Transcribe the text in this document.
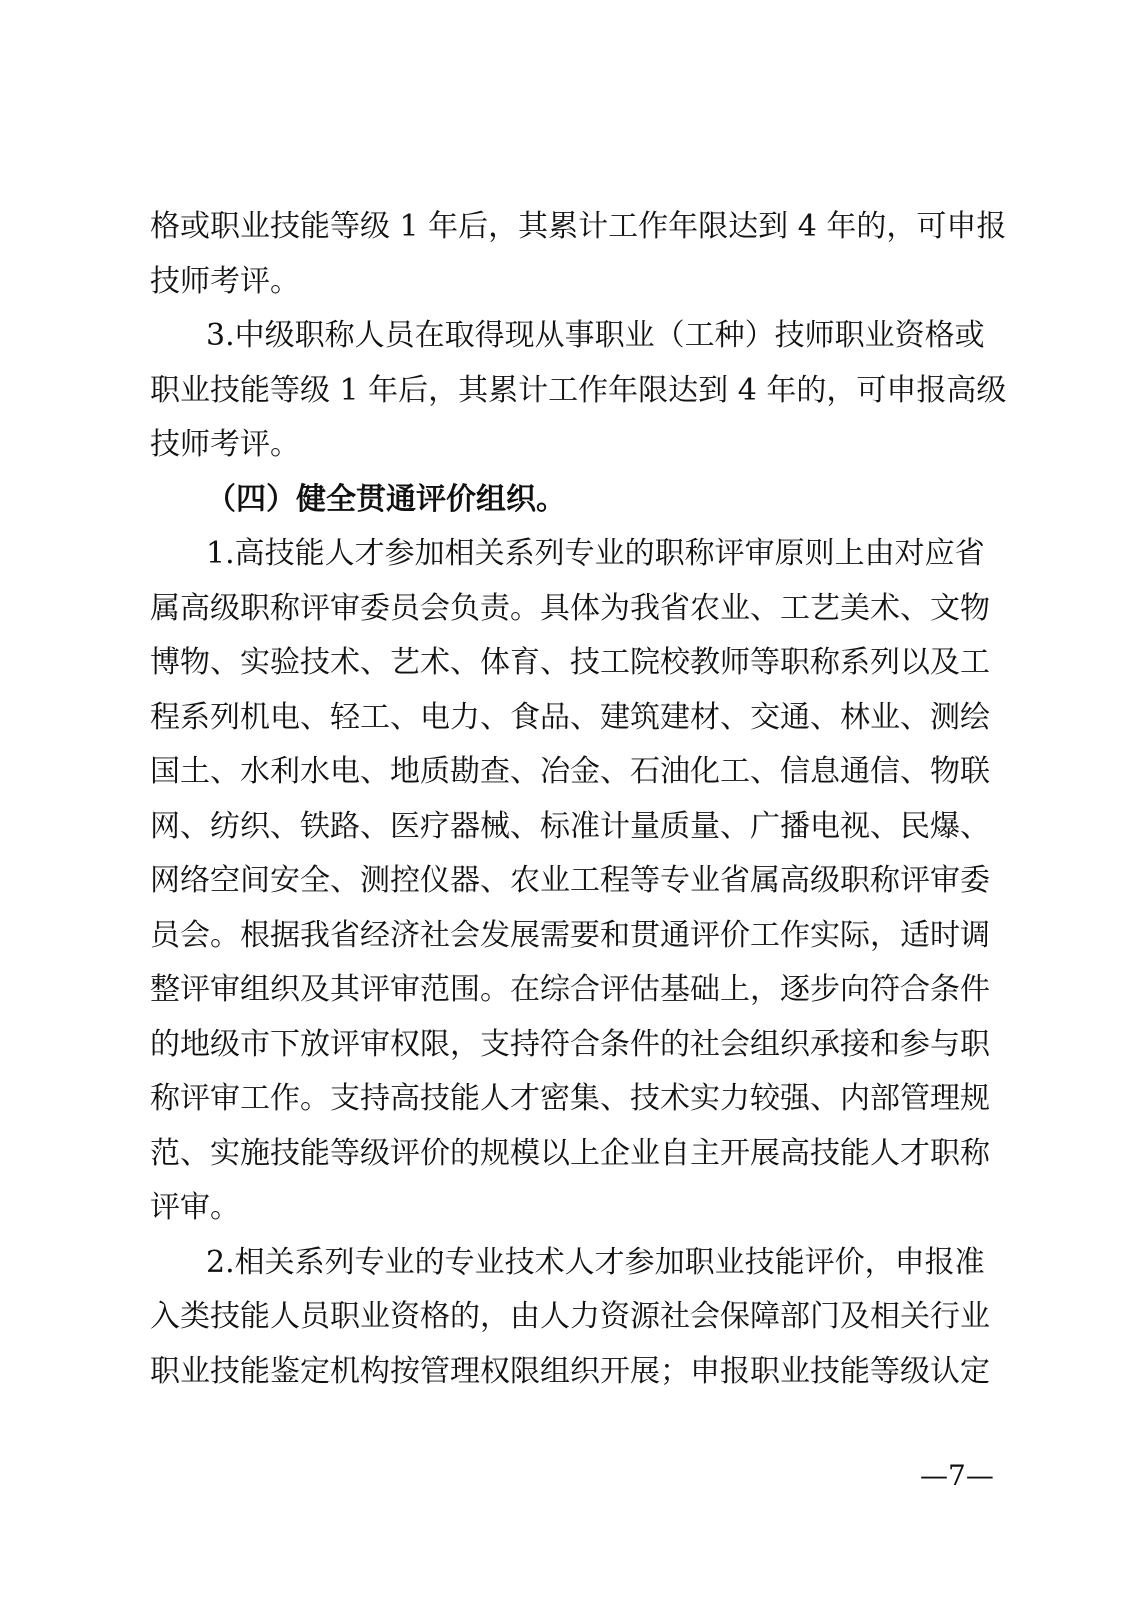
格或职业技能等级 1 年后，其累计工作年限达到 4 年的，可申报
技师考评。
3.中级职称人员在取得现从事职业（工种）技师职业资格或
职业技能等级 1 年后，其累计工作年限达到 4 年的，可申报高级
技师考评。
（四）健全贯通评价组织。
1.高技能人才参加相关系列专业的职称评审原则上由对应省
属高级职称评审委员会负责。具体为我省农业、工艺美术、文物
博物、实验技术、艺术、体育、技工院校教师等职称系列以及工
程系列机电、轻工、电力、食品、建筑建材、交通、林业、测绘
国土、水利水电、地质勘查、冶金、石油化工、信息通信、物联
网、纺织、铁路、医疗器械、标准计量质量、广播电视、民爆、
网络空间安全、测控仪器、农业工程等专业省属高级职称评审委
员会。根据我省经济社会发展需要和贯通评价工作实际，适时调
整评审组织及其评审范围。在综合评估基础上，逐步向符合条件
的地级市下放评审权限，支持符合条件的社会组织承接和参与职
称评审工作。支持高技能人才密集、技术实力较强、内部管理规
范、实施技能等级评价的规模以上企业自主开展高技能人才职称
评审。
2.相关系列专业的专业技术人才参加职业技能评价，申报准
入类技能人员职业资格的，由人力资源社会保障部门及相关行业
职业技能鉴定机构按管理权限组织开展；申报职业技能等级认定
—7—
